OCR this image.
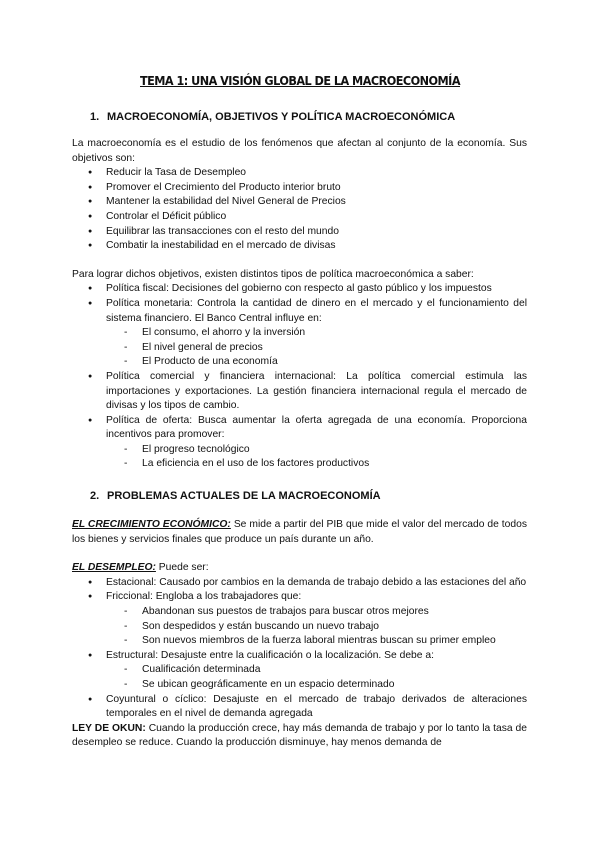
TEMA 1: UNA VISIÓN GLOBAL DE LA MACROECONOMÍA
1. MACROECONOMÍA, OBJETIVOS Y POLÍTICA MACROECONÓMICA

La macroeconomía es el estudio de los fenómenos que afectan al conjunto de la economía. Sus objetivos son:

● Reducir la Tasa de Desempleo
● Promover el Crecimiento del Producto interior bruto
● Mantener la estabilidad del Nivel General de Precios
● Controlar el Déficit público
● Equilibrar las transacciones con el resto del mundo
● Combatir la inestabilidad en el mercado de divisas

Para lograr dichos objetivos, existen distintos tipos de política macroeconómica a saber:

● Política fiscal: Decisiones del gobierno con respecto al gasto público y los impuestos
● Política monetaria: Controla la cantidad de dinero en el mercado y el funcionamiento del sistema financiero. El Banco Central influye en:
- El consumo, el ahorro y la inversión
- El nivel general de precios
- El Producto de una economía
● Política comercial y financiera internacional: La política comercial estimula las importaciones y exportaciones. La gestión financiera internacional regula el mercado de divisas y los tipos de cambio.
● Política de oferta: Busca aumentar la oferta agregada de una economía. Proporciona incentivos para promover:
- El progreso tecnológico
- La eficiencia en el uso de los factores productivos
2. PROBLEMAS ACTUALES DE LA MACROECONOMÍA

EL CRECIMIENTO ECONÓMICO: Se mide a partir del PIB que mide el valor del mercado de todos los bienes y servicios finales que produce un país durante un año.

EL DESEMPLEO: Puede ser:

● Estacional: Causado por cambios en la demanda de trabajo debido a las estaciones del año
● Friccional: Engloba a los trabajadores que:
- Abandonan sus puestos de trabajos para buscar otros mejores
- Son despedidos y están buscando un nuevo trabajo
- Son nuevos miembros de la fuerza laboral mientras buscan su primer empleo
● Estructural: Desajuste entre la cualificación o la localización. Se debe a:
- Cualificación determinada
- Se ubican geográficamente en un espacio determinado
● Coyuntural o cíclico: Desajuste en el mercado de trabajo derivados de alteraciones temporales en el nivel de demanda agregada

LEY DE OKUN: Cuando la producción crece, hay más demanda de trabajo y por lo tanto la tasa de desempleo se reduce. Cuando la producción disminuye, hay menos demanda de
